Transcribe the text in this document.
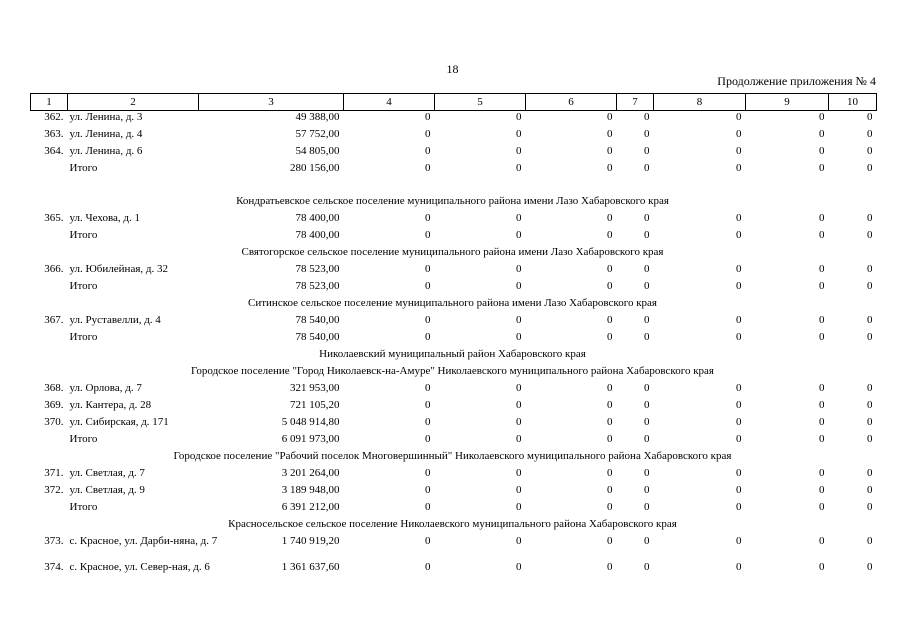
18
Продолжение приложения № 4
1	2	3	4	5	6	7	8	9	10
362.	ул. Ленина, д. 3	49 388,00	0	0	0	0	0	0	0
363.	ул. Ленина, д. 4	57 752,00	0	0	0	0	0	0	0
364.	ул. Ленина, д. 6	54 805,00	0	0	0	0	0	0	0
	Итого	280 156,00	0	0	0	0	0	0	0

Кондратьевское сельское поселение муниципального района имени Лазо Хабаровского края									
365.	ул. Чехова, д. 1	78 400,00	0	0	0	0	0	0	0
	Итого	78 400,00	0	0	0	0	0	0	0
Святогорское сельское поселение муниципального района имени Лазо Хабаровского края									
366.	ул. Юбилейная, д. 32	78 523,00	0	0	0	0	0	0	0
	Итого	78 523,00	0	0	0	0	0	0	0
Ситинское сельское поселение муниципального района имени Лазо Хабаровского края									
367.	ул. Руставелли, д. 4	78 540,00	0	0	0	0	0	0	0
	Итого	78 540,00	0	0	0	0	0	0	0
Николаевский муниципальный район Хабаровского края									
Городское поселение "Город Николаевск-на-Амуре" Николаевского муниципального района Хабаровского края									
368.	ул. Орлова, д. 7	321 953,00	0	0	0	0	0	0	0
369.	ул. Кантера, д. 28	721 105,20	0	0	0	0	0	0	0
370.	ул. Сибирская, д. 171	5 048 914,80	0	0	0	0	0	0	0
	Итого	6 091 973,00	0	0	0	0	0	0	0
Городское поселение "Рабочий поселок Многовершинный" Николаевского муниципального района Хабаровского края									
371.	ул. Светлая, д. 7	3 201 264,00	0	0	0	0	0	0	0
372.	ул. Светлая, д. 9	3 189 948,00	0	0	0	0	0	0	0
	Итого	6 391 212,00	0	0	0	0	0	0	0
Красносельское сельское поселение Николаевского муниципального района Хабаровского края									
373.	с. Красное, ул. Дарби-няна, д. 7	1 740 919,20	0	0	0	0	0	0	0
374.	с. Красное, ул. Север-ная, д. 6	1 361 637,60	0	0	0	0	0	0	0
